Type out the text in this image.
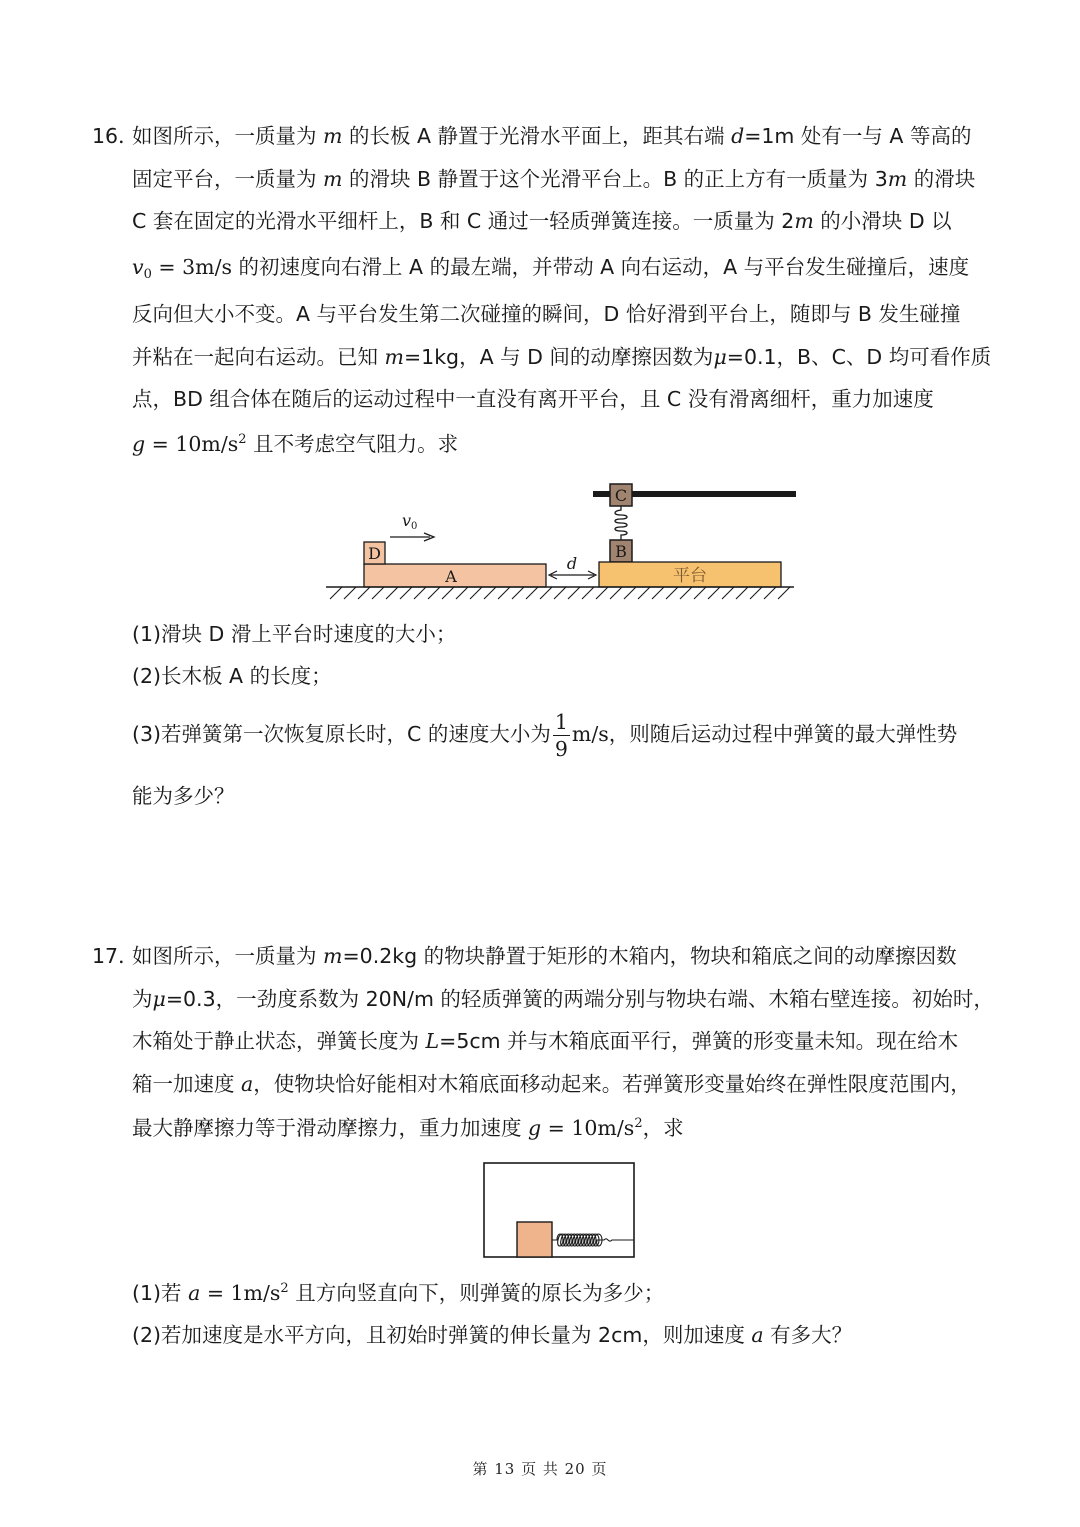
16．
如图所示，一质量为 m 的长板 A 静置于光滑水平面上，距其右端 d=1m 处有一与 A 等高的
固定平台，一质量为 m 的滑块 B 静置于这个光滑平台上。B 的正上方有一质量为 3m 的滑块
C 套在固定的光滑水平细杆上，B 和 C 通过一轻质弹簧连接。一质量为 2m 的小滑块 D 以
$v_0 = 3m/s$ 的初速度向右滑上 A 的最左端，并带动 A 向右运动，A 与平台发生碰撞后，速度
反向但大小不变。A 与平台发生第二次碰撞的瞬间，D 恰好滑到平台上，随即与 B 发生碰撞
并粘在一起向右运动。已知 m=1kg，A 与 D 间的动摩擦因数为μ=0.1，B、C、D 均可看作质
点，BD 组合体在随后的运动过程中一直没有离开平台，且 C 没有滑离细杆，重力加速度
$g = 10m/s^2$ 且不考虑空气阻力。求
C
B
平台
A
D
v0
d
(1)滑块 D 滑上平台时速度的大小；
(2)长木板 A 的长度；
(3)若弹簧第一次恢复原长时，C 的速度大小为 $\frac{1}{9} m/s$，则随后运动过程中弹簧的最大弹性势
能为多少？
17．
如图所示，一质量为 m=0.2kg 的物块静置于矩形的木箱内，物块和箱底之间的动摩擦因数
为μ=0.3，一劲度系数为 20N/m 的轻质弹簧的两端分别与物块右端、木箱右壁连接。初始时，
木箱处于静止状态，弹簧长度为 L=5cm 并与木箱底面平行，弹簧的形变量未知。现在给木
箱一加速度 a，使物块恰好能相对木箱底面移动起来。若弹簧形变量始终在弹性限度范围内，
最大静摩擦力等于滑动摩擦力，重力加速度 $g = 10m/s^2$，求
(1)若 $a = 1m/s^2$ 且方向竖直向下，则弹簧的原长为多少；
(2)若加速度是水平方向，且初始时弹簧的伸长量为 2cm，则加速度 a 有多大？
第 13 页 共 20 页
